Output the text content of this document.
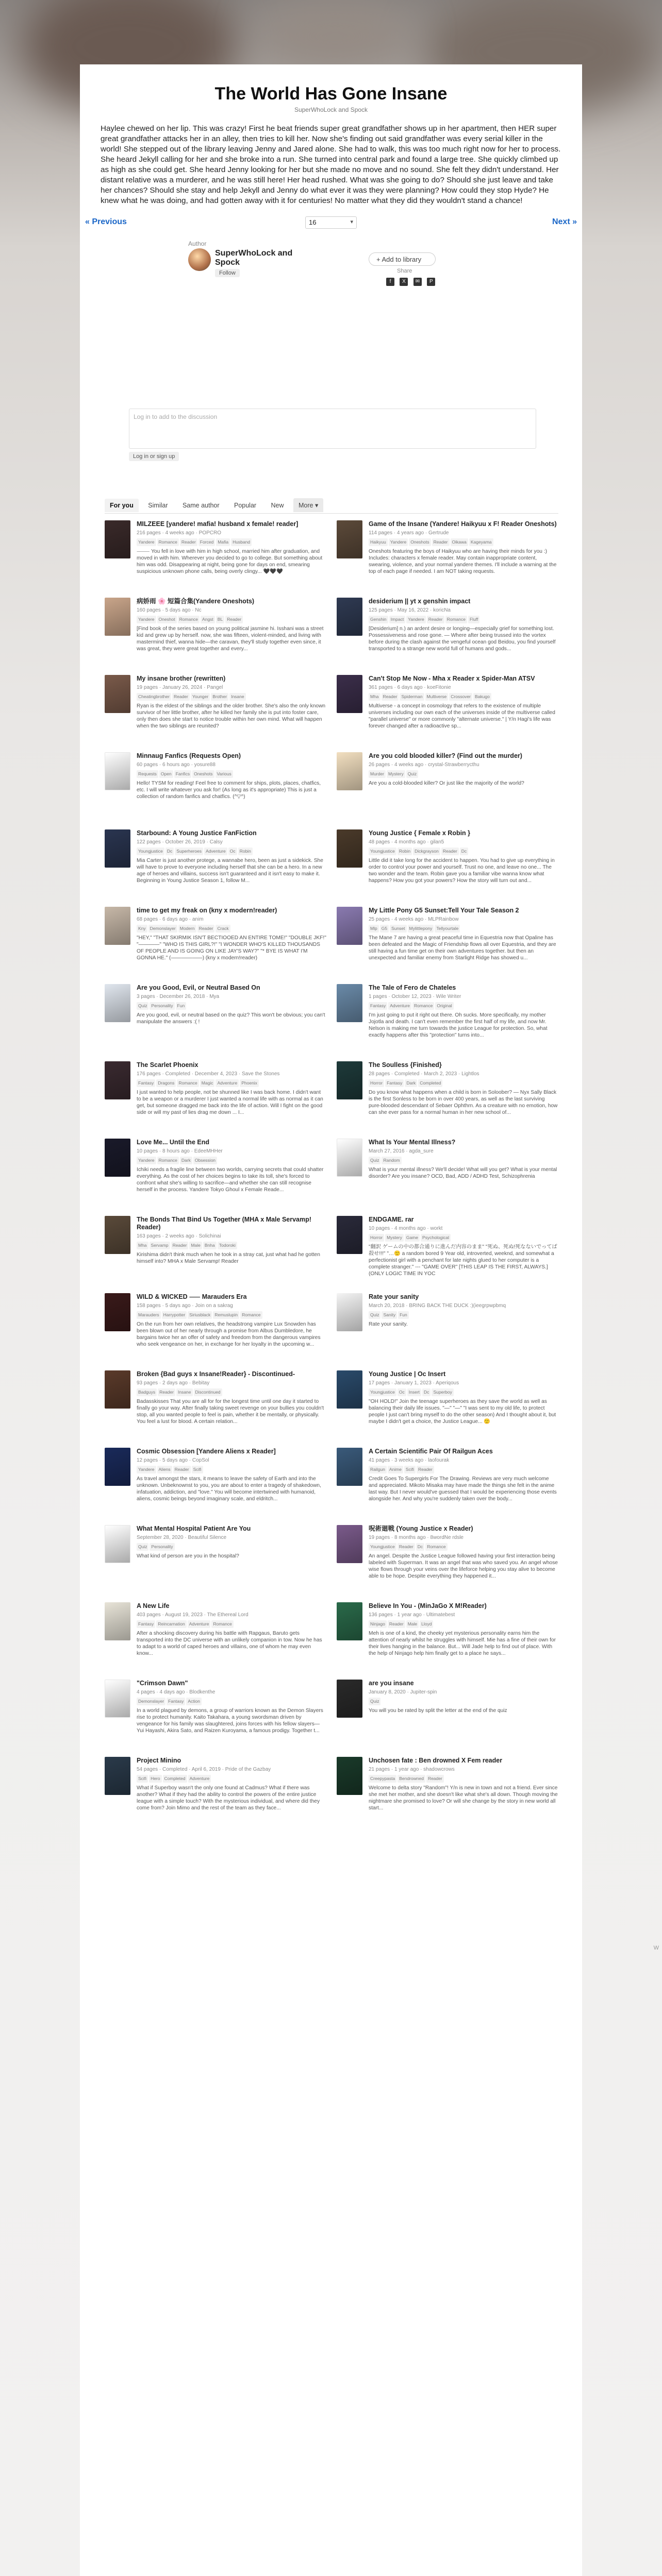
W
The World Has Gone Insane
SuperWhoLock and Spock

Haylee chewed on her lip. This was crazy! First he beat friends super great grandfather shows up in her apartment, then HER super great grandfather attacks her in an alley, then tries to kill her. Now she's finding out said grandfather was every serial killer in the world! She stepped out of the library leaving Jenny and Jared alone. She had to walk, this was too much right now for her to process. She heard Jekyll calling for her and she broke into a run. She turned into central park and found a large tree. She quickly climbed up as high as she could get. She heard Jenny looking for her but she made no move and no sound. She felt they didn't understand. Her distant relative was a murderer, and he was still here! Her head rushed. What was she going to do? Should she just leave and take her chances? Should she stay and help Jekyll and Jenny do what ever it was they were planning? How could they stop Hyde? He knew what he was doing, and had gotten away with it for centuries! No matter what they did they wouldn't stand a chance!

« Previous	16	▾	Next »
Author
SuperWhoLock and Spock
Follow
+ Add to library
Share
f X ✉ P
Log in to add to the discussion
Log in or sign up
For you Similar Same author Popular New More ▾
MILZEEE [yandere! mafia! husband x female! reader]
216 pages · 4 weeks ago · POPCRO
Yandere Romance Reader Forced Mafia Husband
⸻ You fell in love with him in high school, married him after graduation, and moved in with him. Wherever you decided to go to college. But something about him was odd. Disappearing at night, being gone for days on end, smearing suspicious unknown phone calls, being overly clingy... 🖤🖤🖤
Game of the Insane (Yandere! Haikyuu x F! Reader Oneshots)
114 pages · 4 years ago · Gertrude
Haikyuu Yandere Oneshots Reader Oikawa Kageyama
Oneshots featuring the boys of Haikyuu who are having their minds for you :) Includes: characters x female reader. May contain inappropriate content, swearing, violence, and your normal yandere themes. I'll include a warning at the top of each page if needed. I am NOT taking requests.
病娇雨 🌸 短篇合集(Yandere Oneshots)
160 pages · 5 days ago · Nc
Yandere Oneshot Romance Angst BL Reader
[Find book of the series based on young political jasmine hi. Isshani was a street kid and grew up by herself. now, she was fifteen, violent-minded, and living with mastermind thief, wanna hide—the caravan, they'll study together even since, it was great, they were great together and every...
desiderium || yt x genshin impact
125 pages · May 16, 2022 · koricNa
Genshin Impact Yandere Reader Romance Fluff
[Desiderium] n.) an ardent desire or longing—especially grief for something lost. Possessiveness and rose gone. — Where after being trussed into the vortex before during the clash against the vengeful ocean god Beidou, you find yourself transported to a strange new world full of humans and gods...
My insane brother (rewritten)
19 pages · January 26, 2024 · Pangel
Cheatingbrother Reader Younger Brother Insane
Ryan is the eldest of the siblings and the older brother. She's also the only known survivor of her little brother, after he killed her family she is put into foster care, only then does she start to notice trouble within her own mind. What will happen when the two siblings are reunited?
Can't Stop Me Now - Mha x Reader x Spider-Man ATSV
361 pages · 6 days ago · koeFitonie
Mha Reader Spiderman Multiverse Crossover Bakugo
Multiverse - a concept in cosmology that refers to the existence of multiple universes including our own each of the universes inside of the multiverse called "parallel universe" or more commonly "alternate universe." | Y/n Hagi's life was forever changed after a radioactive sp...
Minnaug Fanfics (Requests Open)
60 pages · 6 hours ago · yosure88
Requests Open Fanfics Oneshots Various
Hello! TYSM for reading! Feel free to comment for ships, plots, places, chatfics, etc. I will write whatever you ask for! (As long as it's appropriate) This is just a collection of random fanfics and chatfics. (^▽^)
Are you cold blooded killer? (Find out the murder)
26 pages · 4 weeks ago · crystal-Strawberrycthu
Murder Mystery Quiz
Are you a cold-blooded killer? Or just like the majority of the world?
Starbound: A Young Justice FanFiction
122 pages · October 26, 2019 · Calsy
Youngjustice Dc Superheroes Adventure Oc Robin
Mia Carter is just another protege, a wannabe hero, been as just a sidekick. She will have to prove to everyone including herself that she can be a hero. In a new age of heroes and villains, success isn't guaranteed and it isn't easy to make it. Beginning in Young Justice Season 1, follow M...
Young Justice { Female x Robin }
48 pages · 4 months ago · gilan5
Youngjustice Robin Dickgrayson Reader Dc
Little did it take long for the accident to happen. You had to give up everything in order to control your power and yourself. Trust no one, and leave no one... The two wonder and the team. Robin gave you a familiar vibe wanna know what happens? How you got your powers? How the story will turn out and...
time to get my freak on (kny x modern!reader)
68 pages · 6 days ago · anim
Kny Demonslayer Modern Reader Crack
"HEY," "THAT SKIRMIK ISN'T BECTIOOED AN ENTIRE TOME!" "DOUBLE JKF!" "————" "WHO IS THIS GIRL?!" "I WONDER WHO'S KILLED THOUSANDS OF PEOPLE AND IS GOING ON LIKE JAY'S WAY?" "* BYE IS WHAT I'M GONNA HE." (——————) (kny x modern!reader)
My Little Pony G5 Sunset:Tell Your Tale Season 2
25 pages · 4 weeks ago · MLPRainbow
Mlp G5 Sunset Mylittlepony Tellyourtale
The Mane 7 are having a great peaceful time in Equestria now that Opaline has been defeated and the Magic of Friendship flows all over Equestria, and they are still having a fun time get on their own adventures together. but then an unexpected and familiar enemy from Starlight Ridge has showed u...
Are you Good, Evil, or Neutral Based On
3 pages · December 26, 2018 · Mya
Quiz Personality Fun
Are you good, evil, or neutral based on the quiz? This won't be obvious; you can't manipulate the answers :( !
The Tale of Fero de Chateles
1 pages · October 12, 2023 · Wile Writer
Fantasy Adventure Romance Original
I'm just going to put it right out there. Oh sucks. More specifically, my mother Jojotla and death. I can't even remember the first half of my life, and now Mr. Nelson is making me turn towards the justice League for protection. So, what exactly happens after this "protection" turns into...
The Scarlet Phoenix
176 pages · Completed · December 4, 2023 · Save the Stones
Fantasy Dragons Romance Magic Adventure Phoenix
I just wanted to help people, not be shunned like I was back home. I didn't want to be a weapon or a murderer I just wanted a normal life with as normal as it can get, but someone dragged me back into the life of action. Will I fight on the good side or will my past of lies drag me down ... I...
The Soulless {Finished}
28 pages · Completed · March 2, 2023 · Lightlos
Horror Fantasy Dark Completed
Do you know what happens when a child is born in Soloober? — Nyx Sally Black is the first Sonless to be born in over 400 years, as well as the last surviving pure-blooded descendant of Sebaer Ophthrn. As a creature with no emotion, how can she ever pass for a normal human in her new school of...
Love Me... Until the End
10 pages · 8 hours ago · EdeeMHHer
Yandere Romance Dark Obsession
Ichiki needs a fragile line between two worlds, carrying secrets that could shatter everything. As the cost of her choices begins to take its toll, she's forced to confront what she's willing to sacrifice—and whether she can still recognise herself in the process. Yandere Tokyo Ghoul x Female Reade...
What Is Your Mental Illness?
March 27, 2016 · agda_sure
Quiz Random
What is your mental illness? We'll decide! What will you get? What is your mental disorder? Are you insane? OCD, Bad, ADD / ADHD Test, Schizophrenia
The Bonds That Bind Us Together (MHA x Male Servamp! Reader)
163 pages · 2 weeks ago · Solichinai
Mha Servamp Reader Male Bnha Todoroki
Kirishima didn't think much when he took in a stray cat, just what had he gotten himself into? MHA x Male Servamp! Reader
ENDGAME. rar
10 pages · 4 months ago · workt
Horror Mystery Game Psychological
"翻訳 ゲームの中の都合通りに進んだ内容のまま" "死ぬ、死ぬ!死なないでってば 殺せ!!!" "…🙂 a random bored 9 Year old, introverted, weeknd, and somewhat a perfectionist girl with a penchant for late nights glued to her computer is a complete stranger." --- "GAME OVER" [THIS LEAP IS THE FIRST, ALWAYS.] (ONLY LOGIC TIME IN YOC
WILD & WICKED ⸺ Marauders Era
158 pages · 5 days ago · Join on a sakrag
Marauders Harrypotter Siriusblack Remuslupin Romance
On the run from her own relatives, the headstrong vampire Lux Snowden has been blown out of her nearly through a promise from Albus Dumbledore, he bargains twice her an offer of safety and freedom from the dangerous vampires who seek vengeance on her, in exchange for her loyalty in the upcoming w...
Rate your sanity
March 20, 2018 · BRING BACK THE DUCK :)(ieegrpwpbmq
Quiz Sanity Fun
Rate your sanity.
Broken {Bad guys x Insane!Reader} - Discontinued-
93 pages · 2 days ago · Bebitay
Badguys Reader Insane Discontinued
Badasskisses That you are all for for the longest time until one day it started to finally go your way. After finally taking sweet revenge on your bullies you couldn't stop, all you wanted people to feel is pain, whether it be mentally, or physically. You feel a lust for blood. A certain relation...
Young Justice | Oc Insert
17 pages · January 1, 2023 · Aperiqous
Youngjustice Oc Insert Dc Superboy
"OH HOLD!" Join the teenage superheroes as they save the world as well as balancing their daily life issues. "—" "—" "I was sent to my old life, to protect people I just can't bring myself to do the other season) And I thought about it, but maybe I didn't get a choice, the Justice League... 🙂
Cosmic Obsession [Yandere Aliens x Reader]
12 pages · 5 days ago · CopSol
Yandere Aliens Reader Scifi
As travel amongst the stars, it means to leave the safety of Earth and into the unknown. Unbeknownst to you, you are about to enter a tragedy of shakedown, infatuation, addiction, and "love." You will become intertwined with humanoid, aliens, cosmic beings beyond imaginary scale, and eldritch...
A Certain Scientific Pair Of Railgun Aces
41 pages · 3 weeks ago · laofourak
Railgun Anime Scifi Reader
Credit Goes To Supergirls For The Drawing. Reviews are very much welcome and appreciated. Mikoto Misaka may have made the things she felt in the anime last way. But I never would've guessed that I would be experiencing those events alongside her. And why you're suddenly taken over the body...
What Mental Hospital Patient Are You
September 28, 2020 · Beautiful Silence
Quiz Personality
What kind of person are you in the hospital?
呪術廻戦 (Young Justice x Reader)
19 pages · 8 months ago · 8wordNe rdsle
Youngjustice Reader Dc Romance
An angel. Despite the Justice League followed having your first interaction being labeled with Superman. It was an angel that was who saved you. An angel whose wise flows through your veins over the lifeforce helping you stay alive to become able to be hope. Despite everything they happened it...
A New Life
403 pages · August 19, 2023 · The Ethereal Lord
Fantasy Reincarnation Adventure Romance
After a shocking discovery during his battle with Rapgaus, Baruto gets transported into the DC universe with an unlikely companion in tow. Now he has to adapt to a world of caped heroes and villains, one of whom he may even know...
Believe In You - (MinJaGo X M!Reader)
136 pages · 1 year ago · Ultimatebest
Ninjago Reader Male Lloyd
Meh is one of a kind, the cheeky yet mysterious personality earns him the attention of nearly whilst he struggles with himself. Mie has a fine of their own for their lives hanging in the balance. But... Will Jade help to find out of place. With the help of Ninjago help him finally get to a place he says...
"Crimson Dawn"
4 pages · 4 days ago · Blodkenthe
Demonslayer Fantasy Action
In a world plagued by demons, a group of warriors known as the Demon Slayers rise to protect humanity. Kaito Takahara, a young swordsman driven by vengeance for his family was slaughtered, joins forces with his fellow slayers—Yui Hayashi, Akira Sato, and Raizen Kuroyama, a famous prodigy. Together t...
are you insane
January 8, 2020 · Jupiter-spin
Quiz
You will you be rated by split the letter at the end of the quiz
Project Minino
54 pages · Completed · April 6, 2019 · Pride of the Gazbay
Scifi Hero Completed Adventure
What if Superboy wasn't the only one found at Cadmus? What if there was another? What if they had the ability to control the powers of the entire justice league with a simple touch? With the mysterious individual, and where did they come from? Join Mimo and the rest of the team as they face...
Unchosen fate : Ben drowned X Fem reader
21 pages · 1 year ago · shadowcrows
Creepypasta Bendrowned Reader
Welcome to delta story "Random"! Y/n is new in town and not a friend. Ever since she met her mother, and she doesn't like what she's all down. Though moving the nightmare she promised to love? Or will she change by the story in new world all start...
